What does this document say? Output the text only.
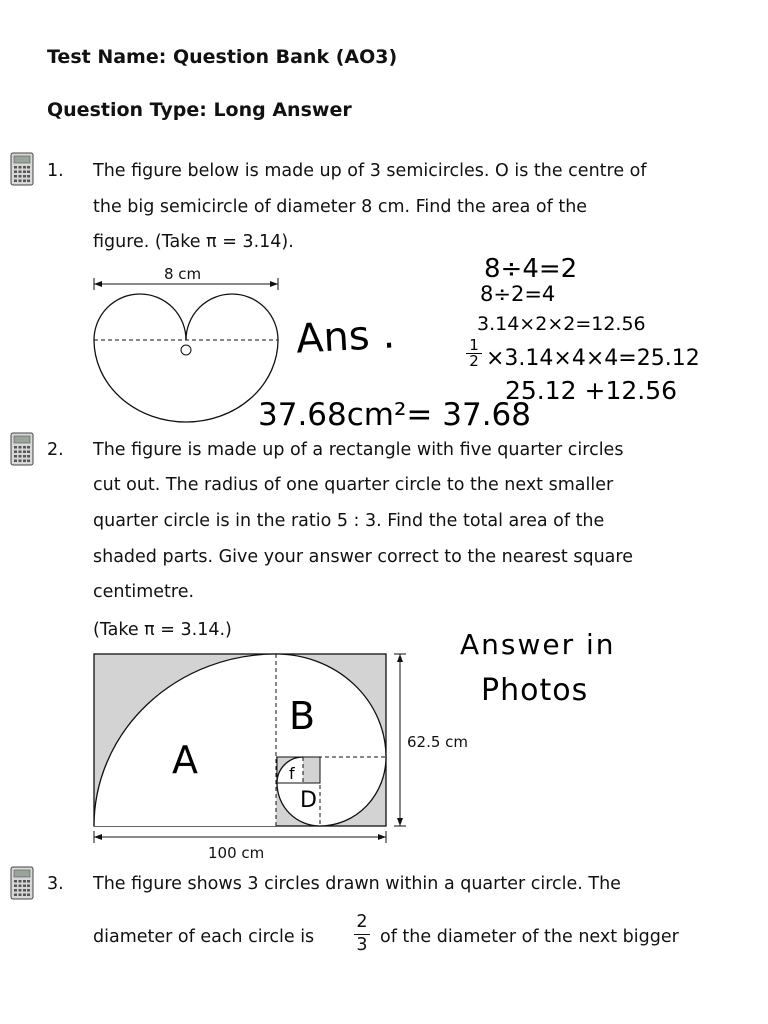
Test Name: Question Bank (AO3)
Question Type: Long Answer
1. The figure below is made up of 3 semicircles. O is the centre of
the big semicircle of diameter 8 cm. Find the area of the
figure. (Take π = 3.14).
8 cm
Ans .
8÷4=2
8÷2=4
3.14×2×2=12.56
$\frac{1}{2} \times 3.14\times 4\times 4=25.12$
25.12 +12.56
37.68cm²= 37.68
2. The figure is made up of a rectangle with five quarter circles
cut out. The radius of one quarter circle to the next smaller
quarter circle is in the ratio 5 : 3. Find the total area of the
shaded parts. Give your answer correct to the nearest square
centimetre.
(Take π = 3.14.)
62.5 cm
100 cm
A
B
D
f
Answer in
Photos
3. The figure shows 3 circles drawn within a quarter circle. The
diameter of each circle is $\frac{2}{3}$ of the diameter of the next bigger
